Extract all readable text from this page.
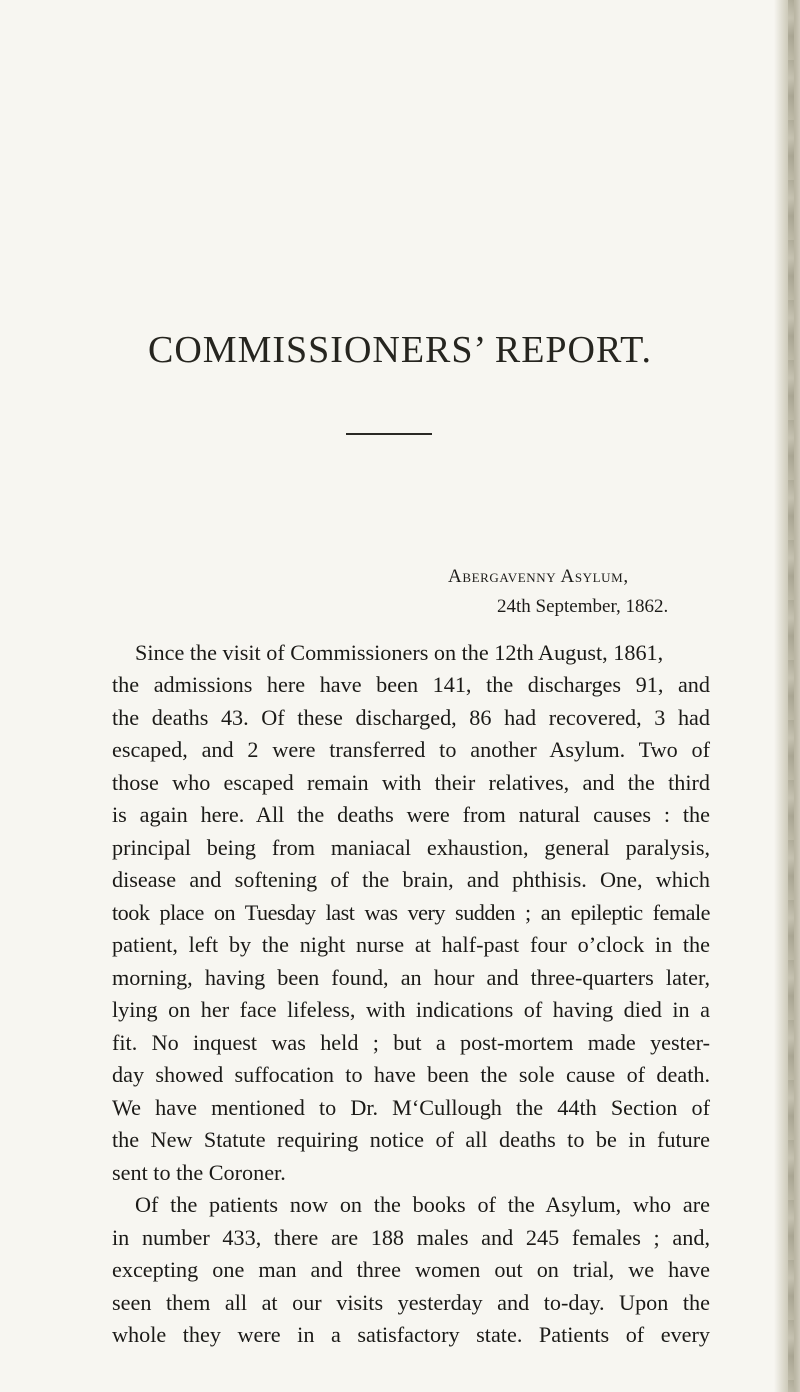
COMMISSIONERS’ REPORT.
Abergavenny Asylum,
24th September, 1862.
Since the visit of Commissioners on the 12th August, 1861,
the admissions here have been 141, the discharges 91, and
the deaths 43. Of these discharged, 86 had recovered, 3 had
escaped, and 2 were transferred to another Asylum. Two of
those who escaped remain with their relatives, and the third
is again here. All the deaths were from natural causes : the
principal being from maniacal exhaustion, general paralysis,
disease and softening of the brain, and phthisis. One, which
took place on Tuesday last was very sudden ; an epileptic female
patient, left by the night nurse at half-past four o’clock in the
morning, having been found, an hour and three-quarters later,
lying on her face lifeless, with indications of having died in a
fit. No inquest was held ; but a post-mortem made yester-
day showed suffocation to have been the sole cause of death.
We have mentioned to Dr. M‘Cullough the 44th Section of
the New Statute requiring notice of all deaths to be in future
sent to the Coroner.
Of the patients now on the books of the Asylum, who are
in number 433, there are 188 males and 245 females ; and,
excepting one man and three women out on trial, we have
seen them all at our visits yesterday and to-day. Upon the
whole they were in a satisfactory state. Patients of every
